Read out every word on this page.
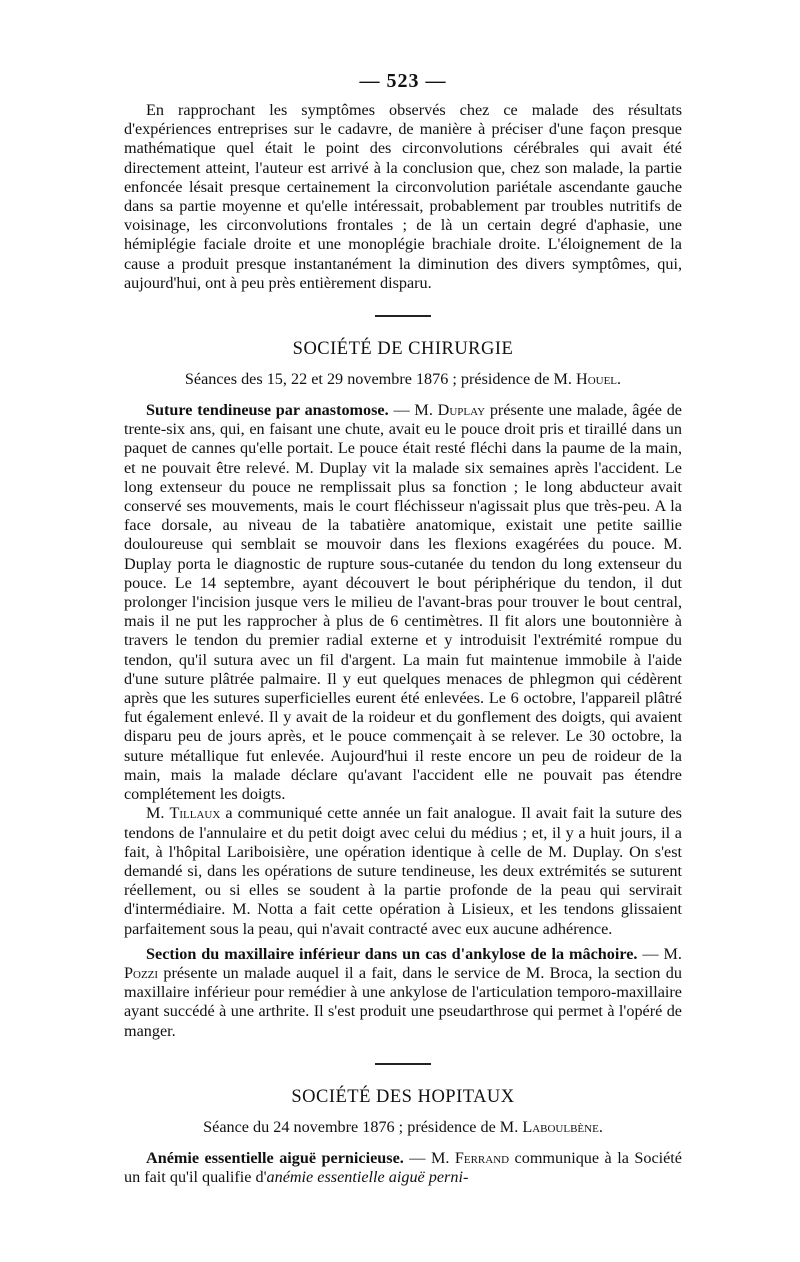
— 523 —

En rapprochant les symptômes observés chez ce malade des résultats d'expériences entreprises sur le cadavre, de manière à préciser d'une façon presque mathématique quel était le point des circonvolutions cérébrales qui avait été directement atteint, l'auteur est arrivé à la conclusion que, chez son malade, la partie enfoncée lésait presque certainement la circonvolution pariétale ascendante gauche dans sa partie moyenne et qu'elle intéressait, probablement par troubles nutritifs de voisinage, les circonvolutions frontales ; de là un certain degré d'aphasie, une hémiplégie faciale droite et une monoplégie brachiale droite. L'éloignement de la cause a produit presque instantanément la diminution des divers symptômes, qui, aujourd'hui, ont à peu près entièrement disparu.

SOCIÉTÉ DE CHIRURGIE
Séances des 15, 22 et 29 novembre 1876 ; présidence de M. Houel.

Suture tendineuse par anastomose. — M. Duplay présente une malade, âgée de trente-six ans, qui, en faisant une chute, avait eu le pouce droit pris et tiraillé dans un paquet de cannes qu'elle portait. Le pouce était resté fléchi dans la paume de la main, et ne pouvait être relevé. M. Duplay vit la malade six semaines après l'accident. Le long extenseur du pouce ne remplissait plus sa fonction ; le long abducteur avait conservé ses mouvements, mais le court fléchisseur n'agissait plus que très-peu. A la face dorsale, au niveau de la tabatière anatomique, existait une petite saillie douloureuse qui semblait se mouvoir dans les flexions exagérées du pouce. M. Duplay porta le diagnostic de rupture sous-cutanée du tendon du long extenseur du pouce. Le 14 septembre, ayant découvert le bout périphérique du tendon, il dut prolonger l'incision jusque vers le milieu de l'avant-bras pour trouver le bout central, mais il ne put les rapprocher à plus de 6 centimètres. Il fit alors une boutonnière à travers le tendon du premier radial externe et y introduisit l'extrémité rompue du tendon, qu'il sutura avec un fil d'argent. La main fut maintenue immobile à l'aide d'une suture plâtrée palmaire. Il y eut quelques menaces de phlegmon qui cédèrent après que les sutures superficielles eurent été enlevées. Le 6 octobre, l'appareil plâtré fut également enlevé. Il y avait de la roideur et du gonflement des doigts, qui avaient disparu peu de jours après, et le pouce commençait à se relever. Le 30 octobre, la suture métallique fut enlevée. Aujourd'hui il reste encore un peu de roideur de la main, mais la malade déclare qu'avant l'accident elle ne pouvait pas étendre complétement les doigts.

M. Tillaux a communiqué cette année un fait analogue. Il avait fait la suture des tendons de l'annulaire et du petit doigt avec celui du médius ; et, il y a huit jours, il a fait, à l'hôpital Lariboisière, une opération identique à celle de M. Duplay. On s'est demandé si, dans les opérations de suture tendineuse, les deux extrémités se suturent réellement, ou si elles se soudent à la partie profonde de la peau qui servirait d'intermédiaire. M. Notta a fait cette opération à Lisieux, et les tendons glissaient parfaitement sous la peau, qui n'avait contracté avec eux aucune adhérence.

Section du maxillaire inférieur dans un cas d'ankylose de la mâchoire. — M. Pozzi présente un malade auquel il a fait, dans le service de M. Broca, la section du maxillaire inférieur pour remédier à une ankylose de l'articulation temporo-maxillaire ayant succédé à une arthrite. Il s'est produit une pseudarthrose qui permet à l'opéré de manger.

SOCIÉTÉ DES HOPITAUX
Séance du 24 novembre 1876 ; présidence de M. Laboulbène.

Anémie essentielle aiguë pernicieuse. — M. Ferrand communique à la Société un fait qu'il qualifie d'anémie essentielle aiguë perni-
